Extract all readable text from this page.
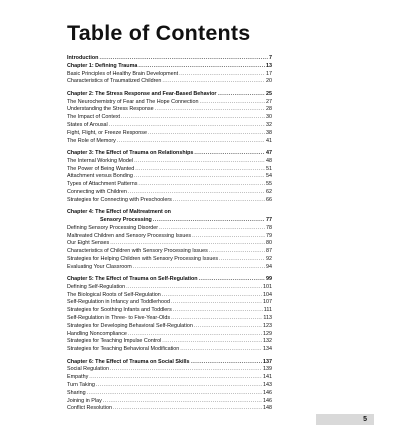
Table of Contents
Introduction .....	7
Chapter 1: Defining Trauma .....	13
Basic Principles of Healthy Brain Development .....	17
Characteristics of Traumatized Children .....	20
Chapter 2: The Stress Response and Fear-Based Behavior .....	25
The Neurochemistry of Fear and The Hope Connection .....	27
Understanding the Stress Response .....	28
The Impact of Context .....	30
States of Arousal .....	32
Fight, Flight, or Freeze Response .....	38
The Role of Memory .....	41
Chapter 3: The Effect of Trauma on Relationships .....	47
The Internal Working Model .....	48
The Power of Being Wanted .....	51
Attachment versus Bonding .....	54
Types of Attachment Patterns .....	55
Connecting with Children .....	62
Strategies for Connecting with Preschoolers .....	66
Chapter 4: The Effect of Maltreatment on
Sensory Processing .....	77
Defining Sensory Processing Disorder .....	78
Maltreated Children and Sensory Processing Issues .....	79
Our Eight Senses .....	80
Characteristics of Children with Sensory Processing Issues .....	87
Strategies for Helping Children with Sensory Processing Issues .....	92
Evaluating Your Classroom .....	94
Chapter 5: The Effect of Trauma on Self-Regulation .....	99
Defining Self-Regulation .....	101
The Biological Roots of Self-Regulation .....	104
Self-Regulation in Infancy and Toddlerhood .....	107
Strategies for Soothing Infants and Toddlers .....	111
Self-Regulation in Three- to Five-Year-Olds .....	113
Strategies for Developing Behavioral Self-Regulation .....	123
Handling Noncompliance .....	129
Strategies for Teaching Impulse Control .....	132
Strategies for Teaching Behavioral Modification .....	134
Chapter 6: The Effect of Trauma on Social Skills .....	137
Social Regulation .....	139
Empathy .....	141
Turn Taking .....	143
Sharing .....	146
Joining in Play .....	146
Conflict Resolution .....	148
5
